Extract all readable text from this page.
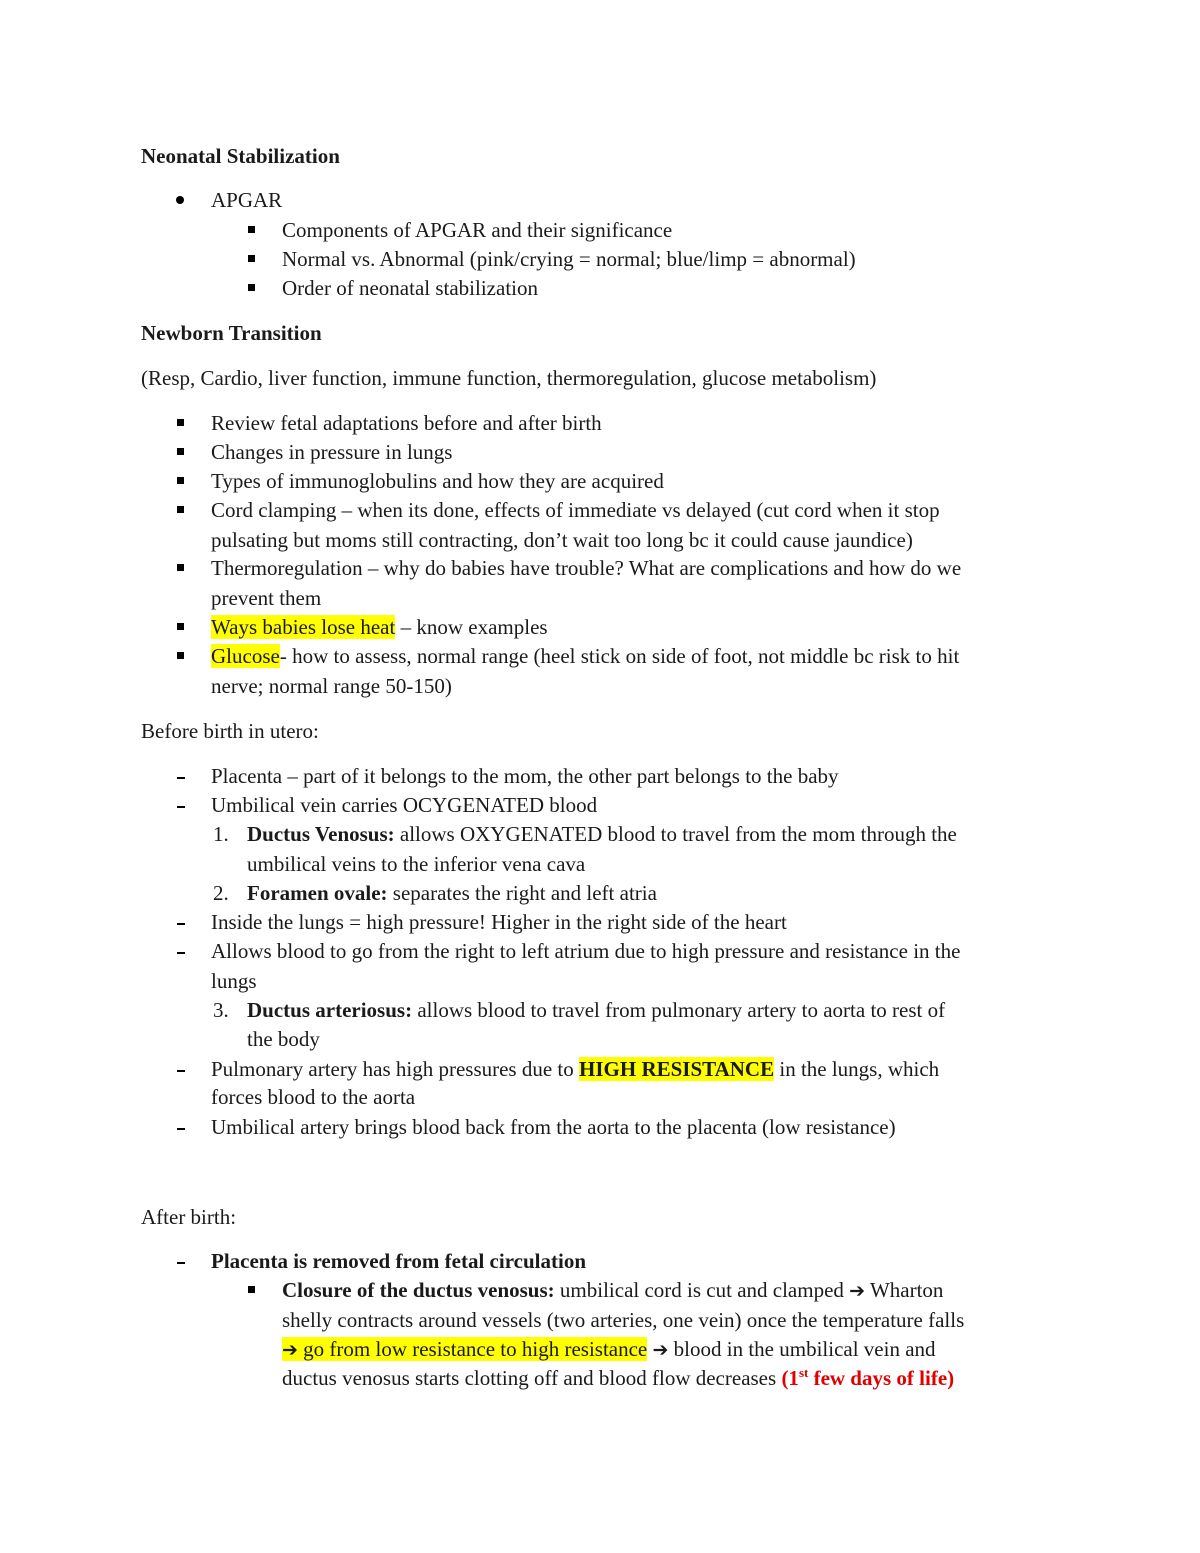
Neonatal Stabilization
APGAR
Components of APGAR and their significance
Normal vs. Abnormal (pink/crying = normal; blue/limp = abnormal)
Order of neonatal stabilization
Newborn Transition
(Resp, Cardio, liver function, immune function, thermoregulation, glucose metabolism)
Review fetal adaptations before and after birth
Changes in pressure in lungs
Types of immunoglobulins and how they are acquired
Cord clamping – when its done, effects of immediate vs delayed (cut cord when it stop
pulsating but moms still contracting, don’t wait too long bc it could cause jaundice)
Thermoregulation – why do babies have trouble? What are complications and how do we
prevent them
Ways babies lose heat – know examples
Glucose- how to assess, normal range (heel stick on side of foot, not middle bc risk to hit
nerve; normal range 50-150)
Before birth in utero:
Placenta – part of it belongs to the mom, the other part belongs to the baby
Umbilical vein carries OCYGENATED blood
1. Ductus Venosus: allows OXYGENATED blood to travel from the mom through the
umbilical veins to the inferior vena cava
2. Foramen ovale: separates the right and left atria
Inside the lungs = high pressure! Higher in the right side of the heart
Allows blood to go from the right to left atrium due to high pressure and resistance in the
lungs
3. Ductus arteriosus: allows blood to travel from pulmonary artery to aorta to rest of
the body
Pulmonary artery has high pressures due to HIGH RESISTANCE in the lungs, which
forces blood to the aorta
Umbilical artery brings blood back from the aorta to the placenta (low resistance)
After birth:
Placenta is removed from fetal circulation
Closure of the ductus venosus: umbilical cord is cut and clamped ➔ Wharton
shelly contracts around vessels (two arteries, one vein) once the temperature falls
➔ go from low resistance to high resistance ➔ blood in the umbilical vein and
ductus venosus starts clotting off and blood flow decreases (1st few days of life)
